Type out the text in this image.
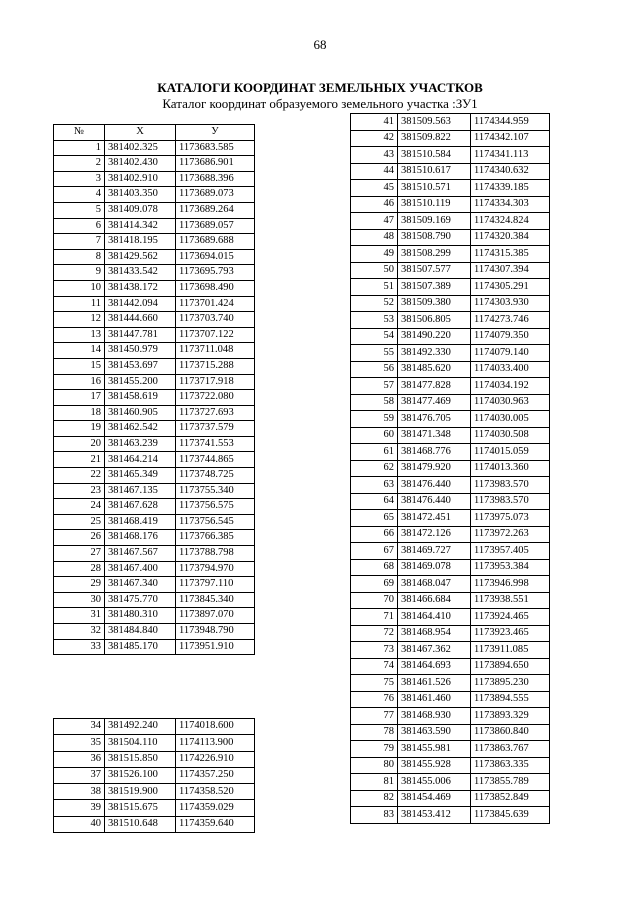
68
КАТАЛОГИ КООРДИНАТ ЗЕМЕЛЬНЫХ УЧАСТКОВ
Каталог координат образуемого земельного участка :ЗУ1
№	X	У
1	381402.325	1173683.585
2	381402.430	1173686.901
3	381402.910	1173688.396
4	381403.350	1173689.073
5	381409.078	1173689.264
6	381414.342	1173689.057
7	381418.195	1173689.688
8	381429.562	1173694.015
9	381433.542	1173695.793
10	381438.172	1173698.490
11	381442.094	1173701.424
12	381444.660	1173703.740
13	381447.781	1173707.122
14	381450.979	1173711.048
15	381453.697	1173715.288
16	381455.200	1173717.918
17	381458.619	1173722.080
18	381460.905	1173727.693
19	381462.542	1173737.579
20	381463.239	1173741.553
21	381464.214	1173744.865
22	381465.349	1173748.725
23	381467.135	1173755.340
24	381467.628	1173756.575
25	381468.419	1173756.545
26	381468.176	1173766.385
27	381467.567	1173788.798
28	381467.400	1173794.970
29	381467.340	1173797.110
30	381475.770	1173845.340
31	381480.310	1173897.070
32	381484.840	1173948.790
33	381485.170	1173951.910
34	381492.240	1174018.600
35	381504.110	1174113.900
36	381515.850	1174226.910
37	381526.100	1174357.250
38	381519.900	1174358.520
39	381515.675	1174359.029
40	381510.648	1174359.640
41	381509.563	1174344.959
42	381509.822	1174342.107
43	381510.584	1174341.113
44	381510.617	1174340.632
45	381510.571	1174339.185
46	381510.119	1174334.303
47	381509.169	1174324.824
48	381508.790	1174320.384
49	381508.299	1174315.385
50	381507.577	1174307.394
51	381507.389	1174305.291
52	381509.380	1174303.930
53	381506.805	1174273.746
54	381490.220	1174079.350
55	381492.330	1174079.140
56	381485.620	1174033.400
57	381477.828	1174034.192
58	381477.469	1174030.963
59	381476.705	1174030.005
60	381471.348	1174030.508
61	381468.776	1174015.059
62	381479.920	1174013.360
63	381476.440	1173983.570
64	381476.440	1173983.570
65	381472.451	1173975.073
66	381472.126	1173972.263
67	381469.727	1173957.405
68	381469.078	1173953.384
69	381468.047	1173946.998
70	381466.684	1173938.551
71	381464.410	1173924.465
72	381468.954	1173923.465
73	381467.362	1173911.085
74	381464.693	1173894.650
75	381461.526	1173895.230
76	381461.460	1173894.555
77	381468.930	1173893.329
78	381463.590	1173860.840
79	381455.981	1173863.767
80	381455.928	1173863.335
81	381455.006	1173855.789
82	381454.469	1173852.849
83	381453.412	1173845.639
